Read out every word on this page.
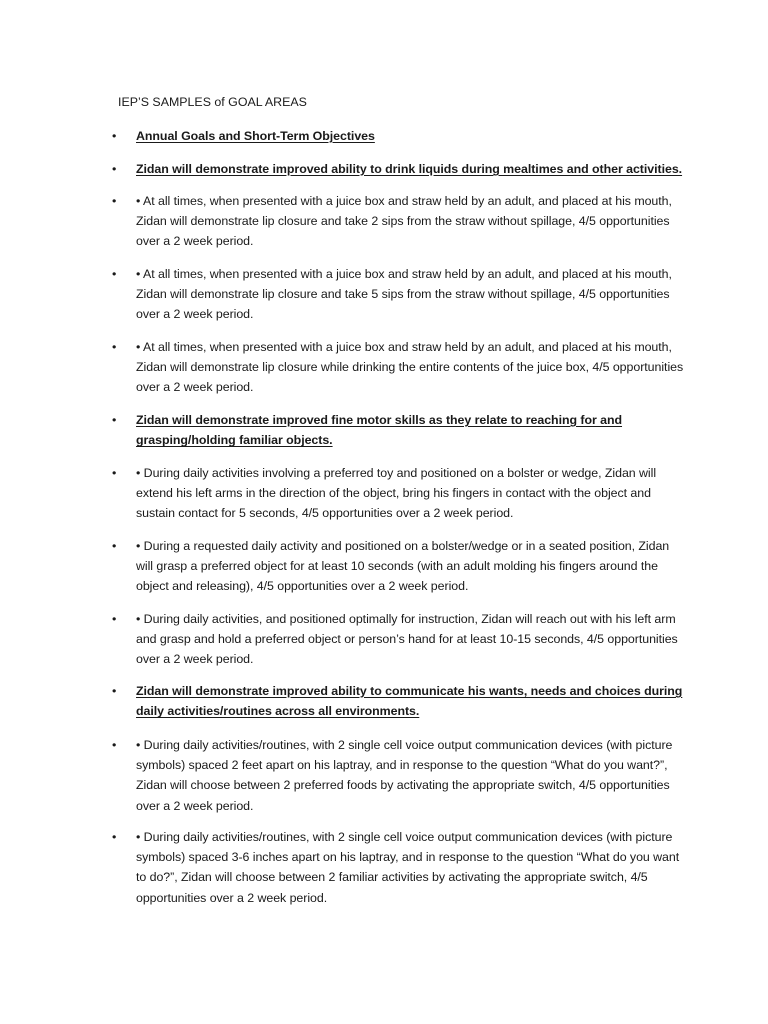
IEP’S SAMPLES of GOAL AREAS
• Annual Goals and Short-Term Objectives
• Zidan will demonstrate improved ability to drink liquids during mealtimes and other activities.
• • At all times, when presented with a juice box and straw held by an adult, and placed at his mouth, Zidan will demonstrate lip closure and take 2 sips from the straw without spillage, 4/5 opportunities over a 2 week period.
• • At all times, when presented with a juice box and straw held by an adult, and placed at his mouth, Zidan will demonstrate lip closure and take 5 sips from the straw without spillage, 4/5 opportunities over a 2 week period.
• • At all times, when presented with a juice box and straw held by an adult, and placed at his mouth, Zidan will demonstrate lip closure while drinking the entire contents of the juice box, 4/5 opportunities over a 2 week period.
• Zidan will demonstrate improved fine motor skills as they relate to reaching for and grasping/holding familiar objects.
• • During daily activities involving a preferred toy and positioned on a bolster or wedge, Zidan will extend his left arms in the direction of the object, bring his fingers in contact with the object and sustain contact for 5 seconds, 4/5 opportunities over a 2 week period.
• • During a requested daily activity and positioned on a bolster/wedge or in a seated position, Zidan will grasp a preferred object for at least 10 seconds (with an adult molding his fingers around the object and releasing), 4/5 opportunities over a 2 week period.
• • During daily activities, and positioned optimally for instruction, Zidan will reach out with his left arm and grasp and hold a preferred object or person’s hand for at least 10-15 seconds, 4/5 opportunities over a 2 week period.
• Zidan will demonstrate improved ability to communicate his wants, needs and choices during daily activities/routines across all environments.
• • During daily activities/routines, with 2 single cell voice output communication devices (with picture symbols) spaced 2 feet apart on his laptray, and in response to the question “What do you want?”, Zidan will choose between 2 preferred foods by activating the appropriate switch, 4/5 opportunities over a 2 week period.
• • During daily activities/routines, with 2 single cell voice output communication devices (with picture symbols) spaced 3-6 inches apart on his laptray, and in response to the question “What do you want to do?”, Zidan will choose between 2 familiar activities by activating the appropriate switch, 4/5 opportunities over a 2 week period.
